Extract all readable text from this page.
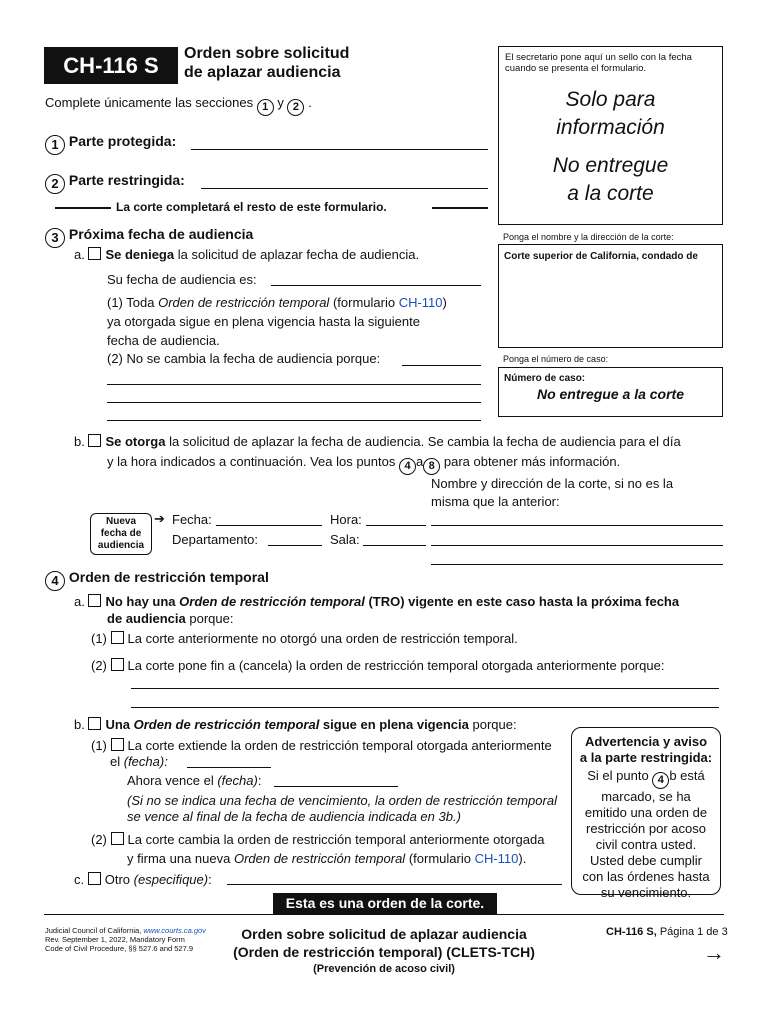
CH-116 S	Orden sobre solicitud
de aplazar audiencia
Complete únicamente las secciones 1 y 2 .
El secretario pone aquí un sello con la fecha cuando se presenta el formulario.
Solo para
información
No entregue
a la corte
1 Parte protegida:
2 Parte restringida:
La corte completará el resto de este formulario.
Ponga el nombre y la dirección de la corte:
Corte superior de California, condado de
Ponga el número de caso:
Número de caso:
No entregue a la corte
3 Próxima fecha de audiencia
a. Se deniega la solicitud de aplazar fecha de audiencia.
Su fecha de audiencia es:
(1) Toda Orden de restricción temporal (formulario CH-110)
ya otorgada sigue en plena vigencia hasta la siguiente
fecha de audiencia.
(2) No se cambia la fecha de audiencia porque:
b. Se otorga la solicitud de aplazar la fecha de audiencia. Se cambia la fecha de audiencia para el día
y la hora indicados a continuación. Vea los puntos 4 a 8 para obtener más información.
Nombre y dirección de la corte, si no es la
misma que la anterior:
Nueva
fecha de
audiencia
➔ Fecha:	Hora:
Departamento:	Sala:
4 Orden de restricción temporal
a. No hay una Orden de restricción temporal (TRO) vigente en este caso hasta la próxima fecha
de audiencia porque:
(1) La corte anteriormente no otorgó una orden de restricción temporal.
(2) La corte pone fin a (cancela) la orden de restricción temporal otorgada anteriormente porque:
b. Una Orden de restricción temporal sigue en plena vigencia porque:
(1) La corte extiende la orden de restricción temporal otorgada anteriormente
el (fecha):
Ahora vence el (fecha):
(Si no se indica una fecha de vencimiento, la orden de restricción temporal
se vence al final de la fecha de audiencia indicada en 3b.)
(2) La corte cambia la orden de restricción temporal anteriormente otorgada
y firma una nueva Orden de restricción temporal (formulario CH-110).
c. Otro (especifique):
Advertencia y aviso
a la parte restringida:
Si el punto 4 b está
marcado, se ha
emitido una orden de
restricción por acoso
civil contra usted.
Usted debe cumplir
con las órdenes hasta
su vencimiento.
Esta es una orden de la corte.
Judicial Council of California, www.courts.ca.gov
Rev. September 1, 2022, Mandatory Form
Code of Civil Procedure, §§ 527.6 and 527.9
Orden sobre solicitud de aplazar audiencia
(Orden de restricción temporal) (CLETS-TCH)
(Prevención de acoso civil)
CH-116 S, Página 1 de 3
→
